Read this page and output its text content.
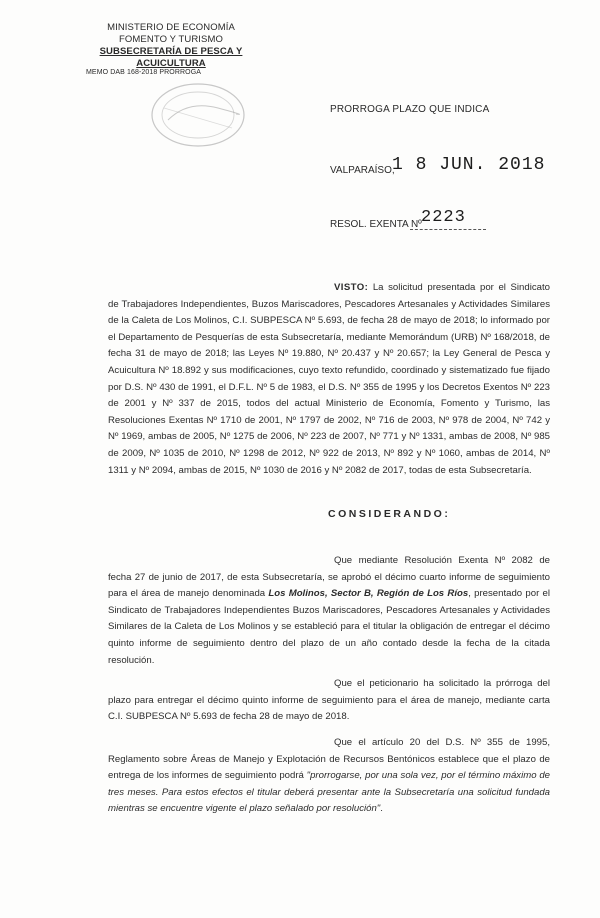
MINISTERIO DE ECONOMÍA
FOMENTO Y TURISMO
SUBSECRETARÍA DE PESCA Y ACUICULTURA
MEMO DAB 168-2018 PRORROGA
PRORROGA PLAZO QUE INDICA
VALPARAÍSO,
1 8 JUN. 2018
RESOL. EXENTA Nº 2223
VISTO: La solicitud presentada por el Sindicato de Trabajadores Independientes, Buzos Mariscadores, Pescadores Artesanales y Actividades Similares de la Caleta de Los Molinos, C.I. SUBPESCA Nº 5.693, de fecha 28 de mayo de 2018; lo informado por el Departamento de Pesquerías de esta Subsecretaría, mediante Memorándum (URB) Nº 168/2018, de fecha 31 de mayo de 2018; las Leyes Nº 19.880, Nº 20.437 y Nº 20.657; la Ley General de Pesca y Acuicultura Nº 18.892 y sus modificaciones, cuyo texto refundido, coordinado y sistematizado fue fijado por D.S. Nº 430 de 1991, el D.F.L. Nº 5 de 1983, el D.S. Nº 355 de 1995 y los Decretos Exentos Nº 223 de 2001 y Nº 337 de 2015, todos del actual Ministerio de Economía, Fomento y Turismo, las Resoluciones Exentas Nº 1710 de 2001, Nº 1797 de 2002, Nº 716 de 2003, Nº 978 de 2004, Nº 742 y Nº 1969, ambas de 2005, Nº 1275 de 2006, Nº 223 de 2007, Nº 771 y Nº 1331, ambas de 2008, Nº 985 de 2009, Nº 1035 de 2010, Nº 1298 de 2012, Nº 922 de 2013, Nº 892 y Nº 1060, ambas de 2014, Nº 1311 y Nº 2094, ambas de 2015, Nº 1030 de 2016 y Nº 2082 de 2017, todas de esta Subsecretaría.
CONSIDERANDO:
Que mediante Resolución Exenta Nº 2082 de fecha 27 de junio de 2017, de esta Subsecretaría, se aprobó el décimo cuarto informe de seguimiento para el área de manejo denominada Los Molinos, Sector B, Región de Los Ríos, presentado por el Sindicato de Trabajadores Independientes Buzos Mariscadores, Pescadores Artesanales y Actividades Similares de la Caleta de Los Molinos y se estableció para el titular la obligación de entregar el décimo quinto informe de seguimiento dentro del plazo de un año contado desde la fecha de la citada resolución.
Que el peticionario ha solicitado la prórroga del plazo para entregar el décimo quinto informe de seguimiento para el área de manejo, mediante carta C.I. SUBPESCA Nº 5.693 de fecha 28 de mayo de 2018.
Que el artículo 20 del D.S. Nº 355 de 1995, Reglamento sobre Áreas de Manejo y Explotación de Recursos Bentónicos establece que el plazo de entrega de los informes de seguimiento podrá "prorrogarse, por una sola vez, por el término máximo de tres meses. Para estos efectos el titular deberá presentar ante la Subsecretaría una solicitud fundada mientras se encuentre vigente el plazo señalado por resolución".
